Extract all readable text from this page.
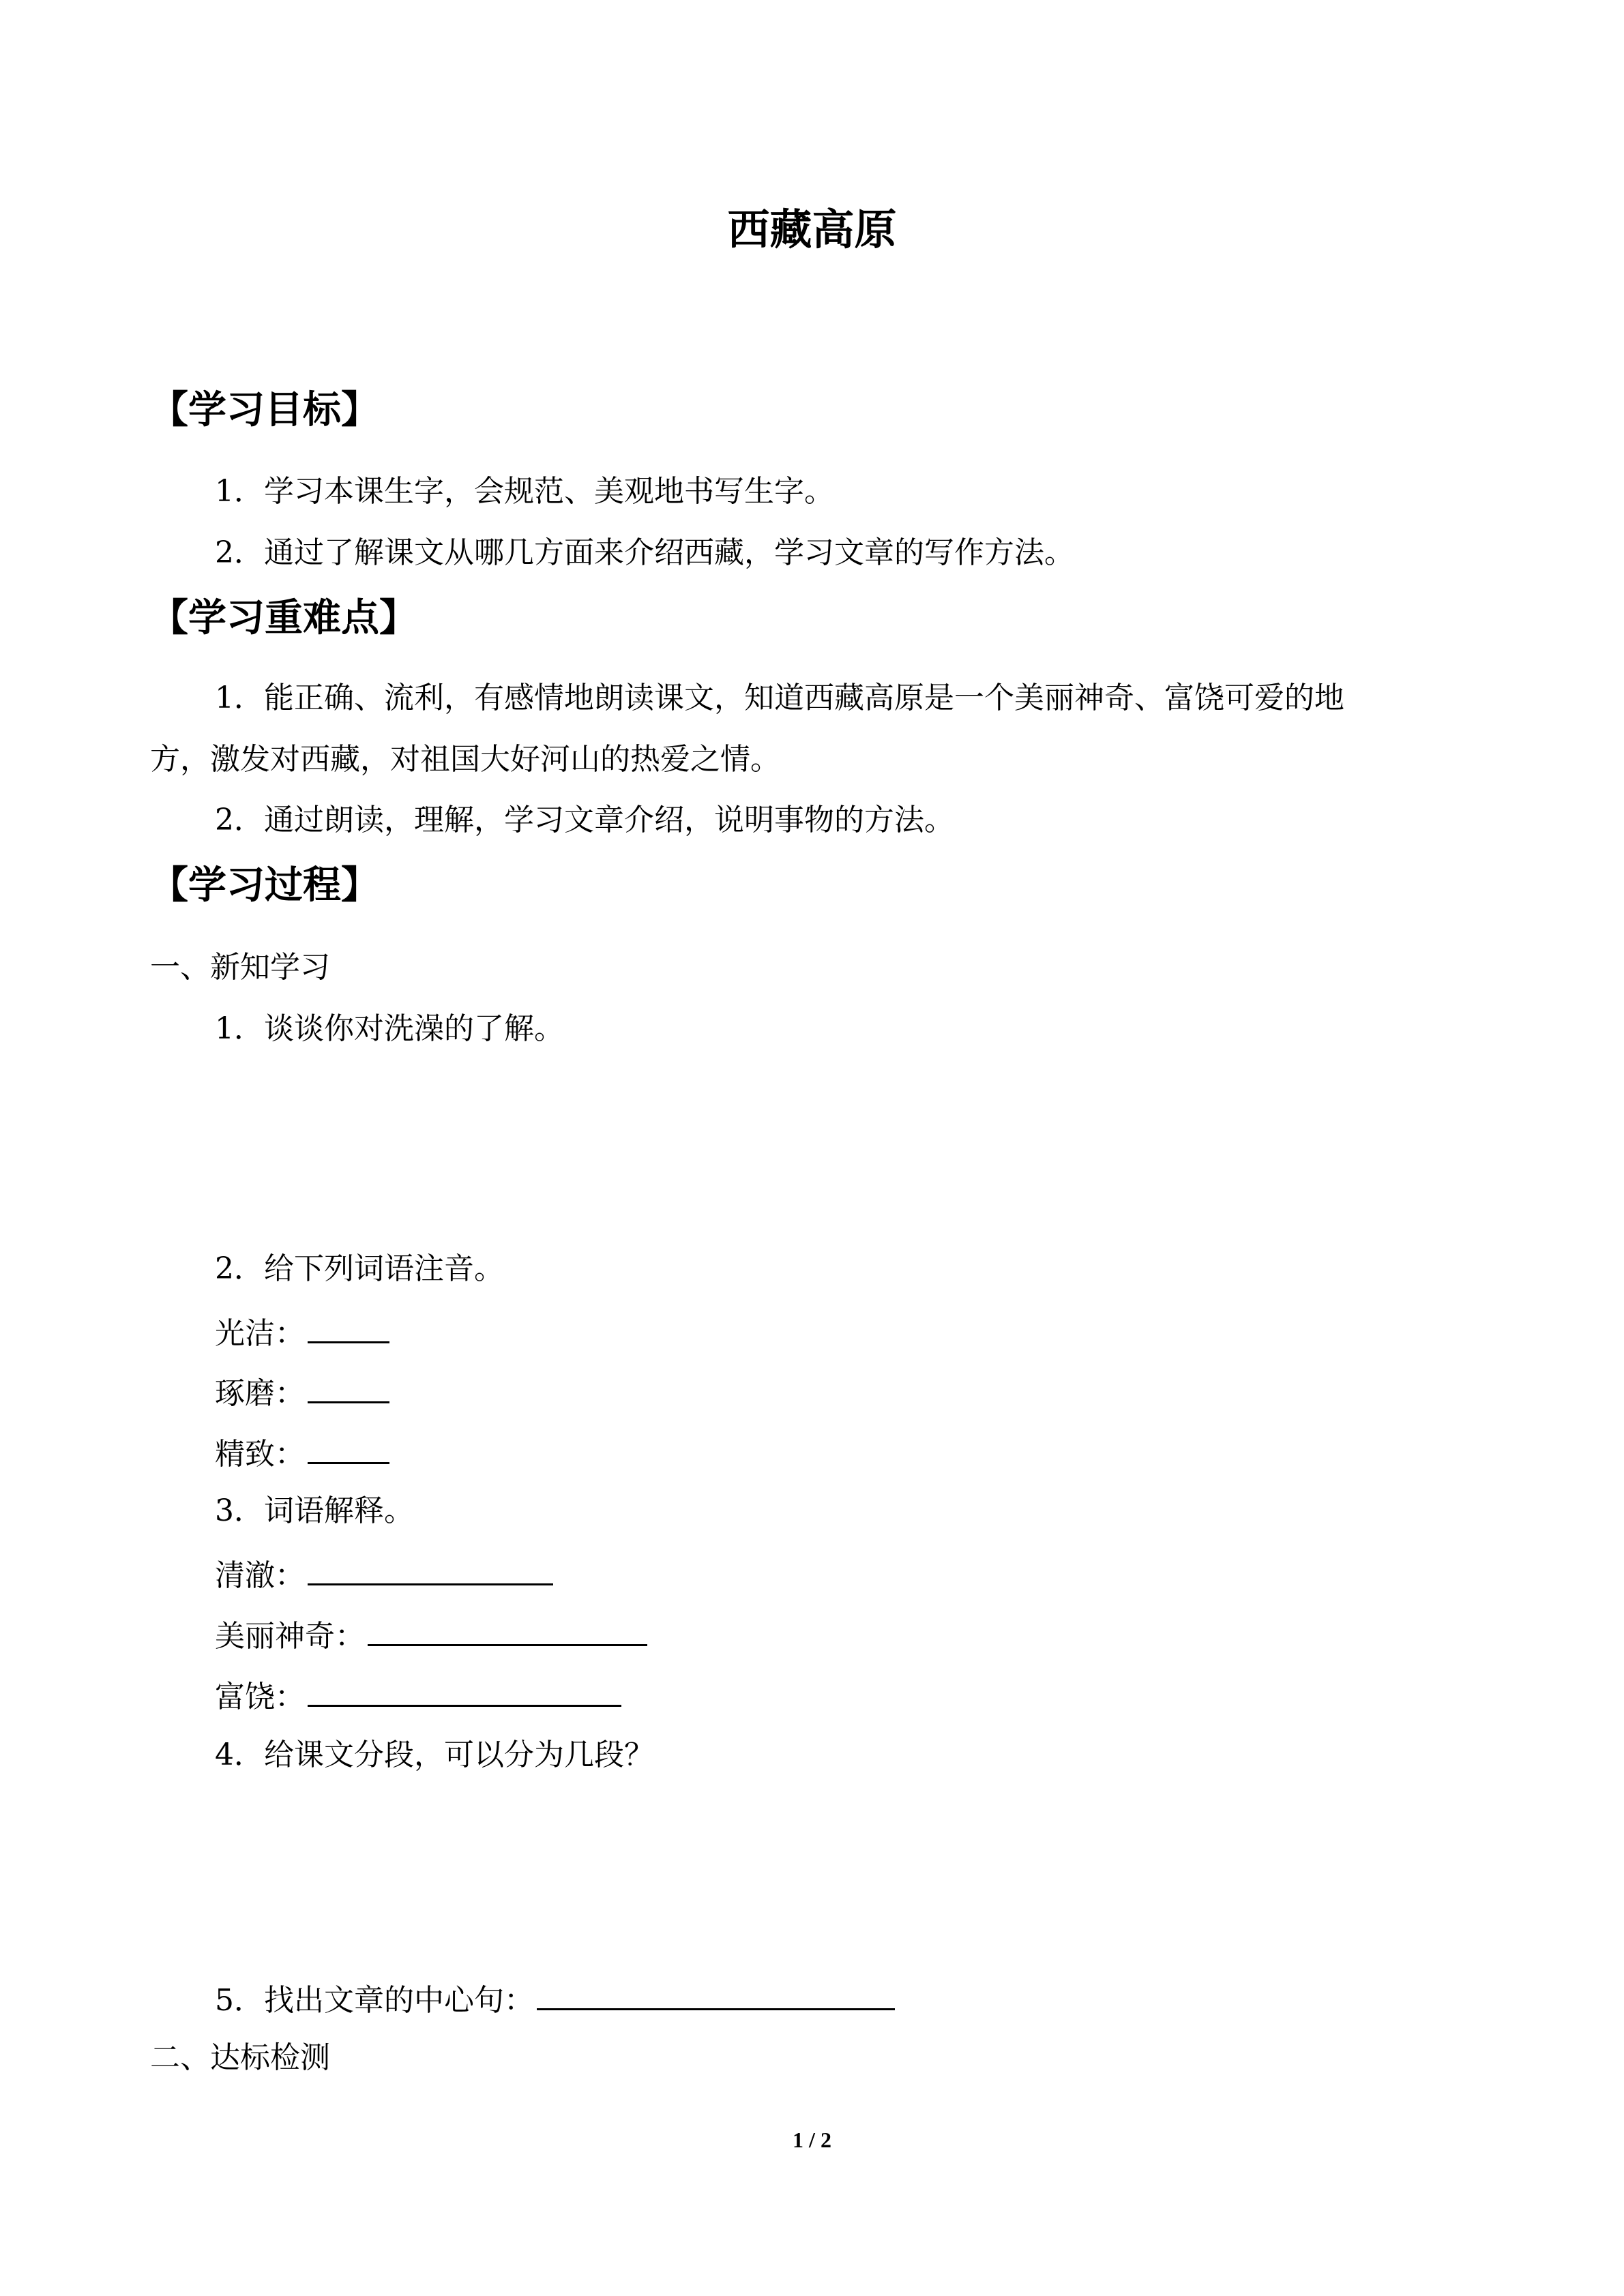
西藏高原
【学习目标】
1．学习本课生字，会规范、美观地书写生字。
2．通过了解课文从哪几方面来介绍西藏，学习文章的写作方法。
【学习重难点】
1．能正确、流利，有感情地朗读课文，知道西藏高原是一个美丽神奇、富饶可爱的地
方，激发对西藏，对祖国大好河山的热爱之情。
2．通过朗读，理解，学习文章介绍，说明事物的方法。
【学习过程】
一、新知学习
1．谈谈你对洗澡的了解。
2．给下列词语注音。
光洁：
琢磨：
精致：
3．词语解释。
清澈：
美丽神奇：
富饶：
4．给课文分段，可以分为几段？
5．找出文章的中心句：
二、达标检测
1 / 2
